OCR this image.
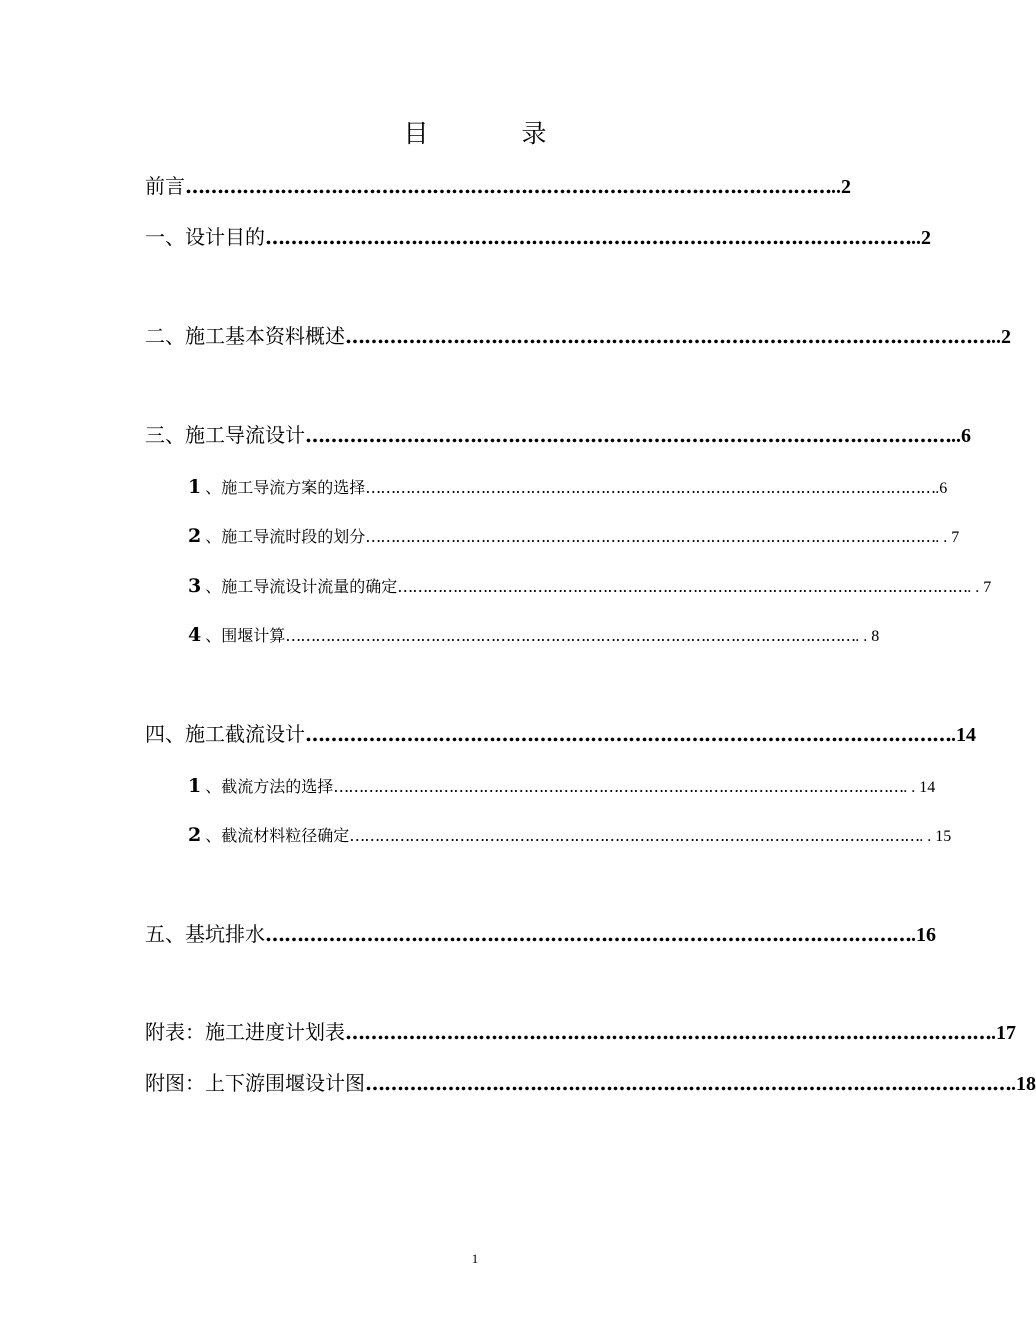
目　录
前言 ………………………………………………………………………………………… ..2
一、设计目的 ………………………………………………………………………………………… ..2
二、施工基本资料概述 ………………………………………………………………………………………… ..2
三、施工导流设计 ………………………………………………………………………………………… ..6
1 、 施工导流方案的选择 …………………………………………………………………………………………………… .6
2 、 施工导流时段的划分 …………………………………………………………………………………………………… . . 7
3 、 施工导流设计流量的确定 …………………………………………………………………………………………………… . . 7
4 、 围堰计算 …………………………………………………………………………………………………… . . 8
四、施工截流设计 ………………………………………………………………………………………… .14
1 、 截流方法的选择 …………………………………………………………………………………………………… . . 14
2 、 截流材料粒径确定 …………………………………………………………………………………………………… . . 15
五、基坑排水 ………………………………………………………………………………………… .16
附表：施工进度计划表 ………………………………………………………………………………………… .17
附图：上下游围堰设计图 ………………………………………………………………………………………… .18
1
